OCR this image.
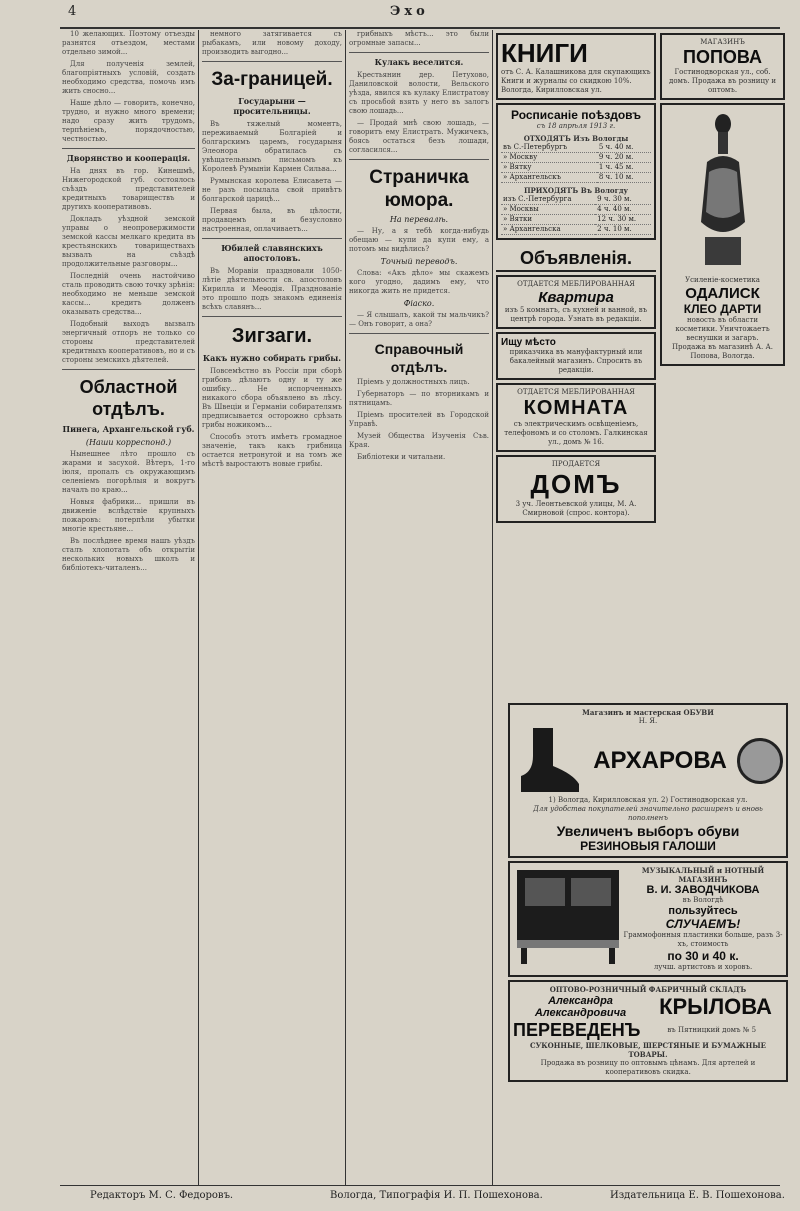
4	Эхо

10 желающих. Поэтому отъезды разнятся отъездом, местами отдельно зимой...

Для полученія землей, благопріятныхъ условій, создать необходимо средства, помочь имъ жить сносно...

Наше дѣло — говорить, конечно, трудно, и нужно много времени; надо сразу жить трудомъ, терпѣніемъ, порядочностью, честностью.

Дворянство и кооперація.

На днях въ гор. Кинешмѣ, Нижегородской губ. состоялось съѣздъ представителей кредитныхъ товариществъ и другихъ кооперативовъ.

Докладъ уѣздной земской управы о неопровержимости земской кассы мелкаго кредита въ крестьянскихъ товариществахъ вызвалъ на съѣздѣ продолжительные разговоры...

Последній очень настойчиво сталь проводить свою точку зрѣнія: необходимо не меньше земской кассы... кредитъ долженъ оказывать средства...

Подобный выходъ вызвалъ энергичный отпоръ не только со стороны представителей кредитныхъ кооперативовъ, но и съ стороны земскихъ дѣятелей.

Областной отдѣлъ.
Пинега, Архангельской губ.
(Наши корреспонд.)

Нынешнее лѣто прошло съ жарами и засухой. Вѣтеръ, 1-го іюля, пропалъ съ окружающимъ селеніемъ погорѣлыя и вокругъ началъ по краю...

Новыя фабрики... пришли въ движеніе вслѣдствіе крупныхъ пожаровъ: потерпѣли убытки многіе крестьяне...

Въ послѣднее время нашъ уѣздъ сталъ хлопотать объ открытіи нескольких новыхъ школъ и библіотекъ-читаленъ...

немного затягивается съ рыбакамъ, или новому доходу, производить выгодно...

За-границей.
Государыни — просительницы.

Въ тяжелый моментъ, переживаемый Болгаріей и болгарскимъ царемъ, государыня Элеонора обратилась съ увѣщательнымъ письмомъ къ Королевѣ Румыніи Кармен Сильва...

Румынская королева Елисавета — не разъ посылала свой привѣтъ болгарской царицѣ...

Первая была, въ цѣлости, продавцемъ и безусловно настроенная, оплачиваетъ...

Юбилей славянскихъ апостоловъ.

Въ Моравіи праздновали 1050-лѣтіе дѣятельности св. апостоловъ Кирилла и Меѳодія. Празднованіе это прошло подъ знакомъ единенія всѣхъ славянъ...

Зигзаги.
Какъ нужно собирать грибы.

Повсемѣстно въ Россіи при сборѣ грибовъ дѣлаютъ одну и ту же ошибку... Не испорченныхъ никакого сбора объявлено въ лѣсу. Въ Швеціи и Германіи собирателямъ предписывается осторожно срѣзать грибы ножикомъ...

Способъ этотъ имѣетъ громадное значеніе, такъ какъ грибница остается нетронутой и на томъ же мѣстѣ выростаютъ новые грибы.

грибныхъ мѣстъ... это были огромные запасы...

Кулакъ веселится.

Крестьянин дер. Петухово, Даниловской волости, Вельского уѣзда, явился къ кулаку Елистратову съ просьбой взять у него въ залогъ свою лошадь...

— Продай мнѣ свою лошадь, — говоритъ ему Елистратъ. Мужичекъ, боясь остаться безъ лошади, согласился...

Страничка юмора.
На перевалѣ.

— Ну, а я тебѣ когда-нибудь обещаю — купи да купи ему, а потомъ мы видѣлись?

Точный переводъ.

Слова: «Акъ дѣло» мы скажемъ кого угодно, дадимъ ему, что никогда жить не придется.

Фіаско.

— Я слышалъ, какой ты мальчикъ? — Онъ говорит, а она?

Справочный отдѣлъ.

Пріемъ у должностныхъ лицъ.

Губернаторъ — по вторникамъ и пятницамъ.

Пріемъ просителей въ Городской Управѣ.

Музей Общества Изученія Съв. Края.

Библіотеки и читальни.

КНИГИ
отъ С. А. Калашникова для скупающихъ Книги и журналы со скидкою 10%. Вологда, Кирилловская ул.
Росписаніе поѣздовъ
съ 18 апрѣля 1913 г.
ОТХОДЯТЪ Изъ Вологды
въ С.-Петербургъ	5 ч. 40 м.
» Москву	9 ч. 20 м.
» Вятку	1 ч. 45 м.
» Архангельскъ	8 ч. 10 м.
ПРИХОДЯТЪ Въ Вологду
изъ С.-Петербурга	9 ч. 30 м.
» Москвы	4 ч. 40 м.
» Вятки	12 ч. 30 м.
» Архангельска	2 ч. 10 м.
Объявленія.
ОТДАЕТСЯ МЕБЛИРОВАННАЯ
Квартира
изъ 5 комнатъ, съ кухней и ванной, въ центрѣ города. Узнать въ редакціи.
Ищу мѣсто
приказчика въ мануфактурный или бакалейный магазинъ. Спросить въ редакціи.
ОТДАЕТСЯ МЕБЛИРОВАННАЯ
КОМНАТА
съ электрическимъ освѣщеніемъ, телефономъ и со столомъ. Галкинская ул., домъ № 16.
ПРОДАЕТСЯ
ДОМЪ
3 уч. Леонтьевской улицы, М. А. Смирновой (спрос. контора).
МАГАЗИНЪ
ПОПОВА
Гостинодворская ул., соб. домъ. Продажа въ розницу и оптомъ.
Усиленіе-косметика
ОДАЛИСК
КЛЕО ДАРТИ
новость въ области косметики. Уничтожаетъ веснушки и загаръ.
Продажа въ магазинѣ А. А. Попова, Вологда.
Магазинъ и мастерская ОБУВИ
Н. Я.
АРХАРОВА
1) Вологда, Кирилловская ул. 2) Гостинодворская ул.
Для удобства покупателей значительно расширенъ и вновь пополненъ
Увеличенъ выборъ обуви
РЕЗИНОВЫЯ ГАЛОШИ
МУЗЫКАЛЬНЫЙ и НОТНЫЙ МАГАЗИНЪ
В. И. ЗАВОДЧИКОВА
въ Вологдѣ
пользуйтесь
СЛУЧАЕМЪ!
Граммофонныя пластинки больше, разъ 3-хъ, стоимость
по 30 и 40 к.
лучш. артистовъ и хоровъ.
ОПТОВО-РОЗНИЧНЫЙ ФАБРИЧНЫЙ СКЛАДЪ
Александра
Александровича	КРЫЛОВА
ПЕРЕВЕДЕНЪ	въ Пятницкий домъ № 5
СУКОННЫЕ, ШЕЛКОВЫЕ, ШЕРСТЯНЫЕ И БУМАЖНЫЕ ТОВАРЫ.
Продажа въ розницу по оптовымъ цѣнамъ. Для артелей и кооперативовъ скидка.
Редакторъ М. С. Федоровъ.	Вологда, Типографія И. П. Пошехонова.	Издательница Е. В. Пошехонова.
